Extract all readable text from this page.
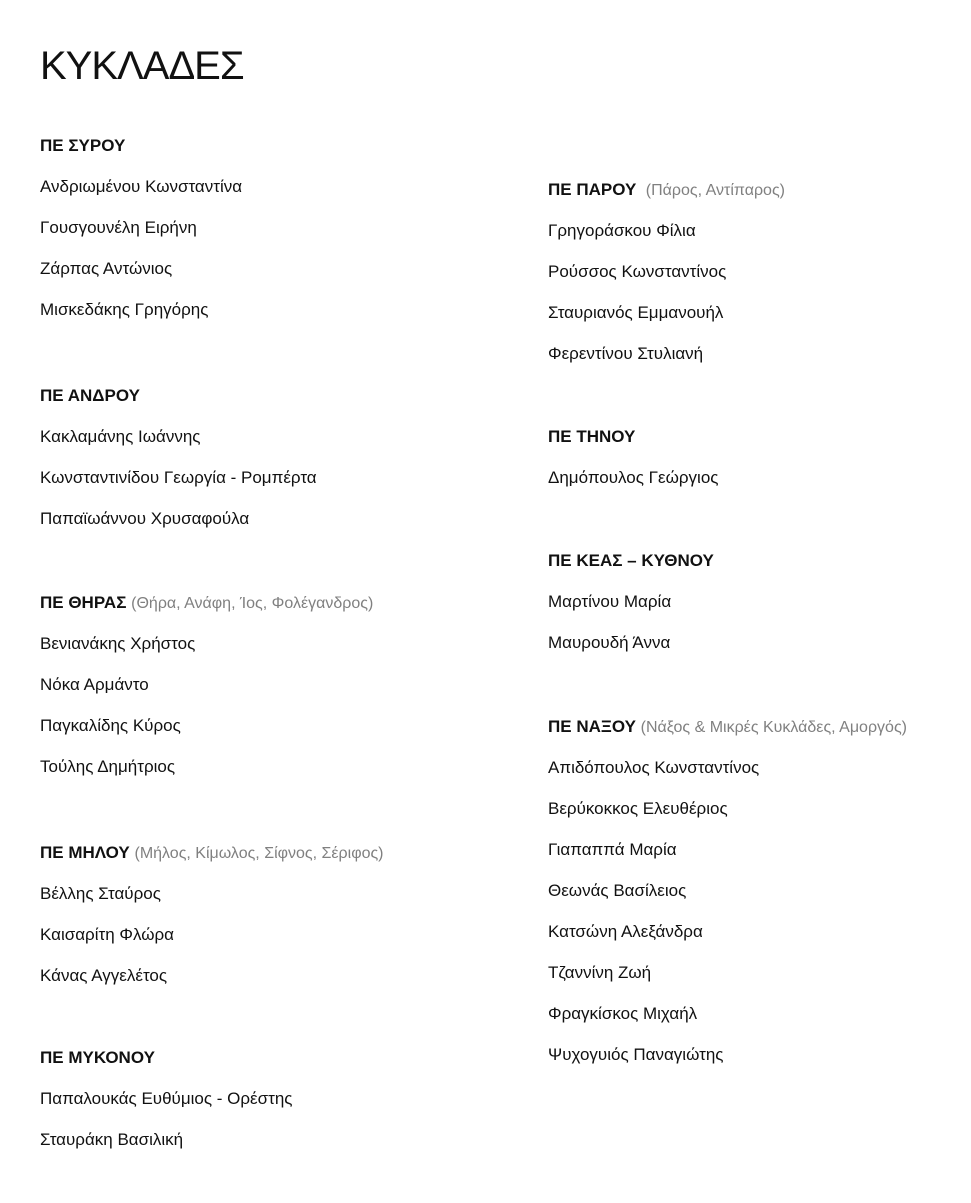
ΚΥΚΛΑΔΕΣ
ΠΕ ΣΥΡΟΥ
Ανδριωμένου Κωνσταντίνα
Γουσγουνέλη Ειρήνη
Ζάρπας Αντώνιος
Μισκεδάκης Γρηγόρης
ΠΕ ΑΝΔΡΟΥ
Κακλαμάνης Ιωάννης
Κωνσταντινίδου Γεωργία - Ρομπέρτα
Παπαϊωάννου Χρυσαφούλα
ΠΕ ΘΗΡΑΣ (Θήρα, Ανάφη, Ίος, Φολέγανδρος)
Βενιανάκης Χρήστος
Νόκα Αρμάντο
Παγκαλίδης Κύρος
Τούλης Δημήτριος
ΠΕ ΜΗΛΟΥ (Μήλος, Κίμωλος, Σίφνος, Σέριφος)
Βέλλης Σταύρος
Καισαρίτη Φλώρα
Κάνας Αγγελέτος
ΠΕ ΜΥΚΟΝΟΥ
Παπαλουκάς Ευθύμιος - Ορέστης
Σταυράκη Βασιλική
ΠΕ ΠΑΡΟΥ (Πάρος, Αντίπαρος)
Γρηγοράσκου Φίλια
Ρούσσος Κωνσταντίνος
Σταυριανός Εμμανουήλ
Φερεντίνου Στυλιανή
ΠΕ ΤΗΝΟΥ
Δημόπουλος Γεώργιος
ΠΕ ΚΕΑΣ – ΚΥΘΝΟΥ
Μαρτίνου Μαρία
Μαυρουδή Άννα
ΠΕ ΝΑΞΟΥ (Νάξος & Μικρές Κυκλάδες, Αμοργός)
Απιδόπουλος Κωνσταντίνος
Βερύκοκκος Ελευθέριος
Γιαπαππά Μαρία
Θεωνάς Βασίλειος
Κατσώνη Αλεξάνδρα
Τζαννίνη Ζωή
Φραγκίσκος Μιχαήλ
Ψυχογυιός Παναγιώτης
